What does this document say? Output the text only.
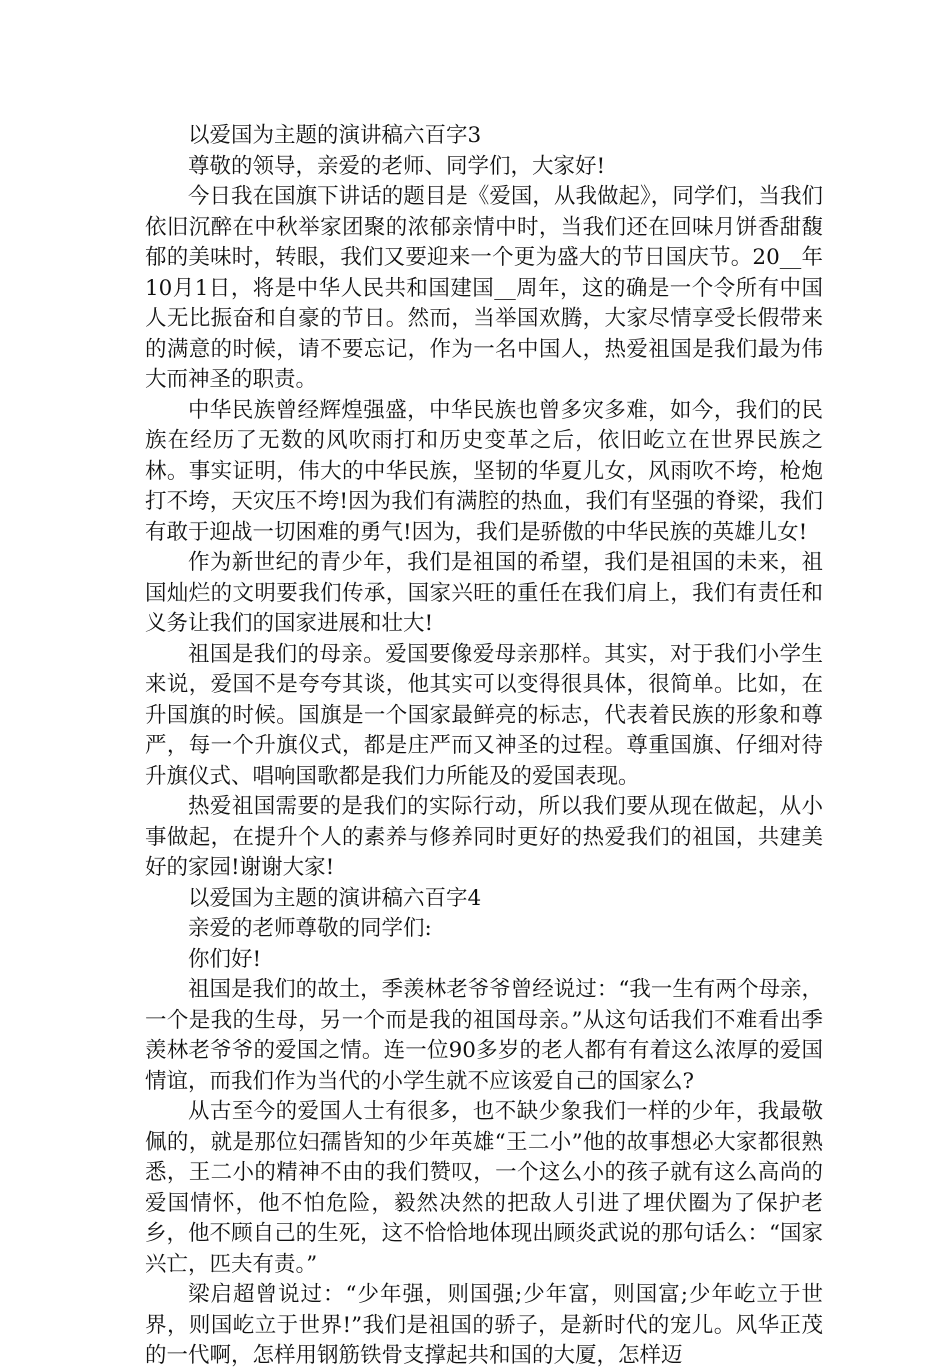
以爱国为主题的演讲稿六百字3

尊敬的领导，亲爱的老师、同学们，大家好!

今日我在国旗下讲话的题目是《爱国，从我做起》，同学们，当我们依旧沉醉在中秋举家团聚的浓郁亲情中时，当我们还在回味月饼香甜馥郁的美味时，转眼，我们又要迎来一个更为盛大的节日国庆节。20__年10月1日，将是中华人民共和国建国__周年，这的确是一个令所有中国人无比振奋和自豪的节日。然而，当举国欢腾，大家尽情享受长假带来的满意的时候，请不要忘记，作为一名中国人，热爱祖国是我们最为伟大而神圣的职责。

中华民族曾经辉煌强盛，中华民族也曾多灾多难，如今，我们的民族在经历了无数的风吹雨打和历史变革之后，依旧屹立在世界民族之林。事实证明，伟大的中华民族，坚韧的华夏儿女，风雨吹不垮，枪炮打不垮，天灾压不垮!因为我们有满腔的热血，我们有坚强的脊梁，我们有敢于迎战一切困难的勇气!因为，我们是骄傲的中华民族的英雄儿女!

作为新世纪的青少年，我们是祖国的希望，我们是祖国的未来，祖国灿烂的文明要我们传承，国家兴旺的重任在我们肩上，我们有责任和义务让我们的国家进展和壮大!

祖国是我们的母亲。爱国要像爱母亲那样。其实，对于我们小学生来说，爱国不是夸夸其谈，他其实可以变得很具体，很简单。比如，在升国旗的时候。国旗是一个国家最鲜亮的标志，代表着民族的形象和尊严，每一个升旗仪式，都是庄严而又神圣的过程。尊重国旗、仔细对待升旗仪式、唱响国歌都是我们力所能及的爱国表现。

热爱祖国需要的是我们的实际行动，所以我们要从现在做起，从小事做起，在提升个人的素养与修养同时更好的热爱我们的祖国，共建美好的家园!谢谢大家!

以爱国为主题的演讲稿六百字4

亲爱的老师尊敬的同学们:

你们好!

祖国是我们的故土，季羡林老爷爷曾经说过：“我一生有两个母亲，一个是我的生母，另一个而是我的祖国母亲。”从这句话我们不难看出季羡林老爷爷的爱国之情。连一位90多岁的老人都有有着这么浓厚的爱国情谊，而我们作为当代的小学生就不应该爱自己的国家么?

从古至今的爱国人士有很多，也不缺少象我们一样的少年，我最敬佩的，就是那位妇孺皆知的少年英雄“王二小”他的故事想必大家都很熟悉，王二小的精神不由的我们赞叹，一个这么小的孩子就有这么高尚的爱国情怀，他不怕危险，毅然决然的把敌人引进了埋伏圈为了保护老乡，他不顾自己的生死，这不恰恰地体现出顾炎武说的那句话么：“国家兴亡，匹夫有责。”

梁启超曾说过：“少年强，则国强;少年富，则国富;少年屹立于世界，则国屹立于世界!”我们是祖国的骄子，是新时代的宠儿。风华正茂的一代啊，怎样用钢筋铁骨支撑起共和国的大厦，怎样迈
